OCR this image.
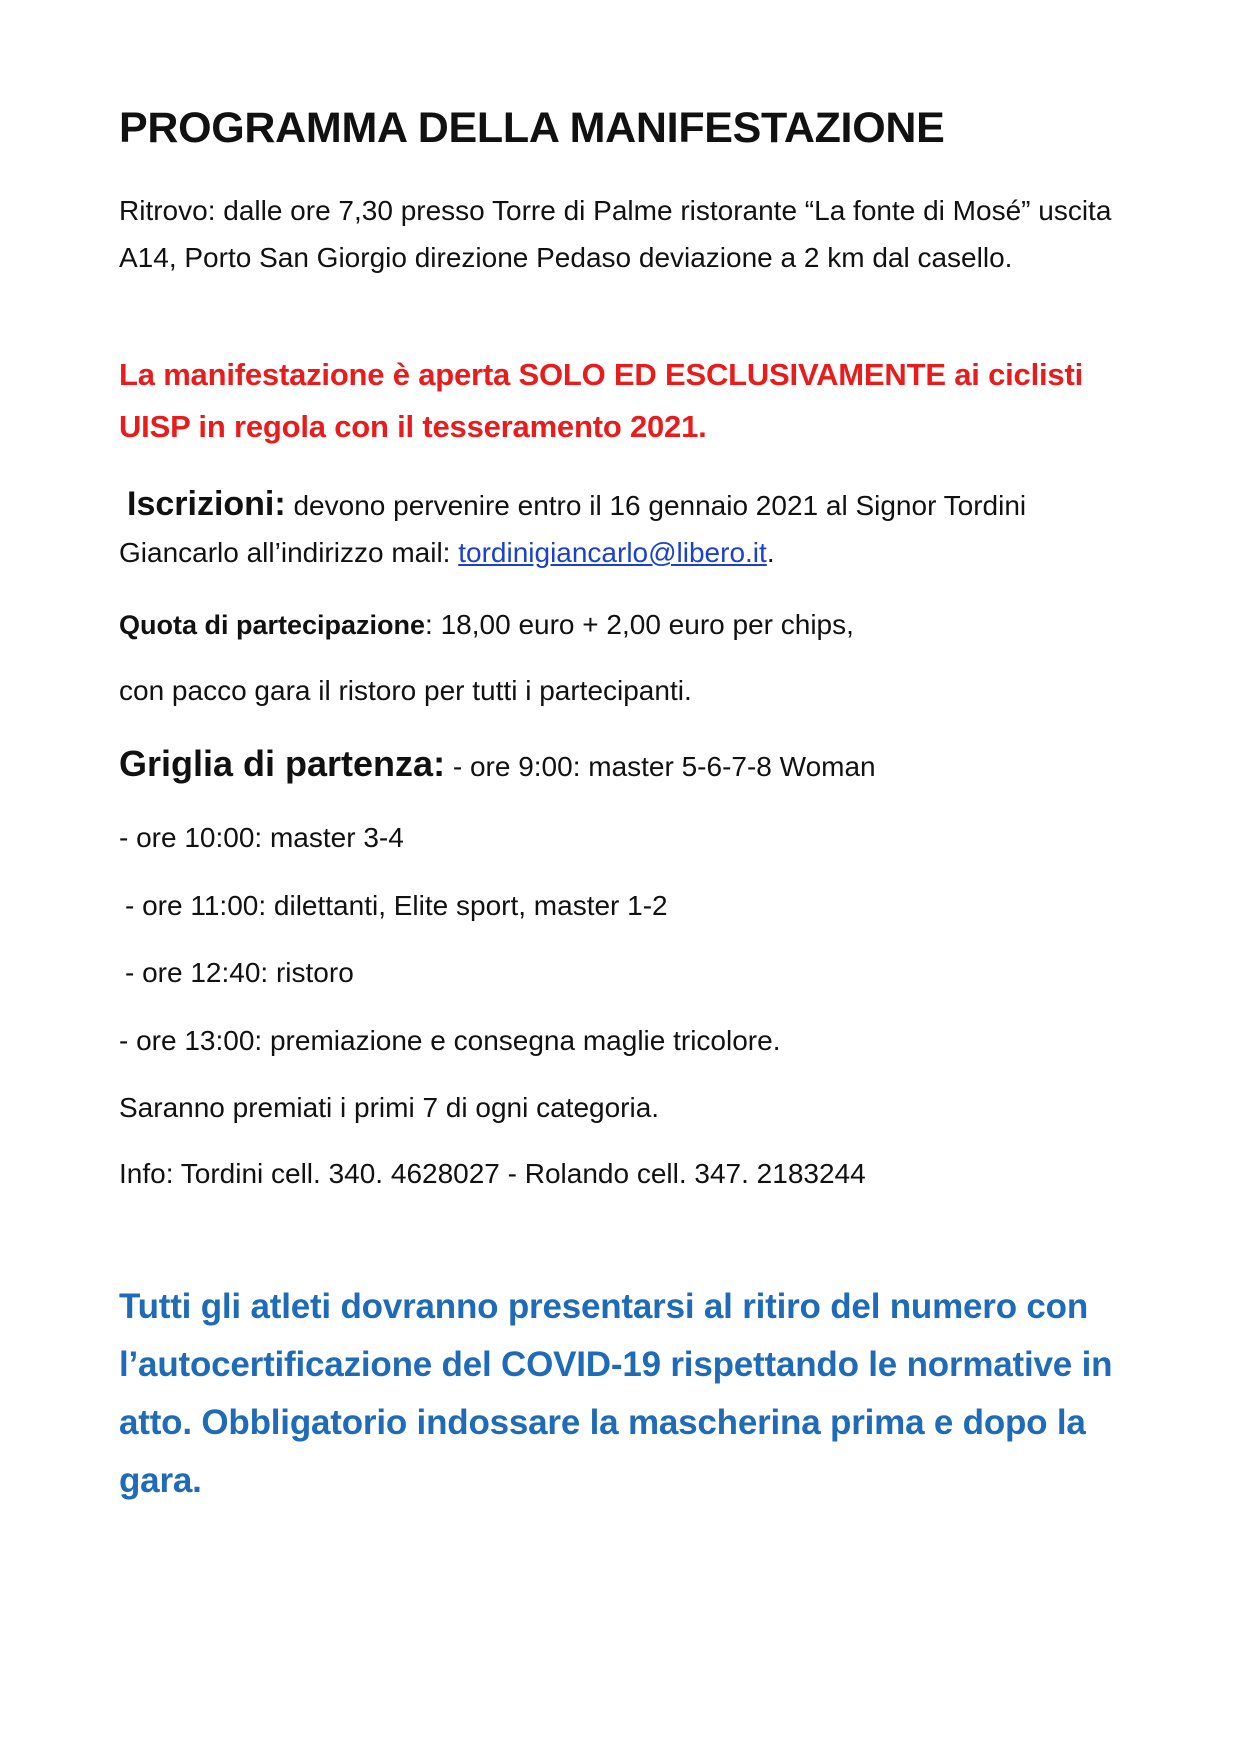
PROGRAMMA DELLA MANIFESTAZIONE

Ritrovo: dalle ore 7,30 presso Torre di Palme ristorante “La fonte di Mosé” uscita A14, Porto San Giorgio direzione Pedaso deviazione a 2 km dal casello.

La manifestazione è aperta SOLO ED ESCLUSIVAMENTE ai ciclisti UISP in regola con il tesseramento 2021.

Iscrizioni: devono pervenire entro il 16 gennaio 2021 al Signor Tordini Giancarlo all’indirizzo mail: tordinigiancarlo@libero.it.

Quota di partecipazione: 18,00 euro + 2,00 euro per chips,

con pacco gara il ristoro per tutti i partecipanti.

Griglia di partenza: - ore 9:00: master 5-6-7-8 Woman

- ore 10:00: master 3-4

- ore 11:00: dilettanti, Elite sport, master 1-2

- ore 12:40: ristoro

- ore 13:00: premiazione e consegna maglie tricolore.

Saranno premiati i primi 7 di ogni categoria.

Info: Tordini cell. 340. 4628027 - Rolando cell. 347. 2183244

Tutti gli atleti dovranno presentarsi al ritiro del numero con l’autocertificazione del COVID-19 rispettando le normative in atto. Obbligatorio indossare la mascherina prima e dopo la gara.
